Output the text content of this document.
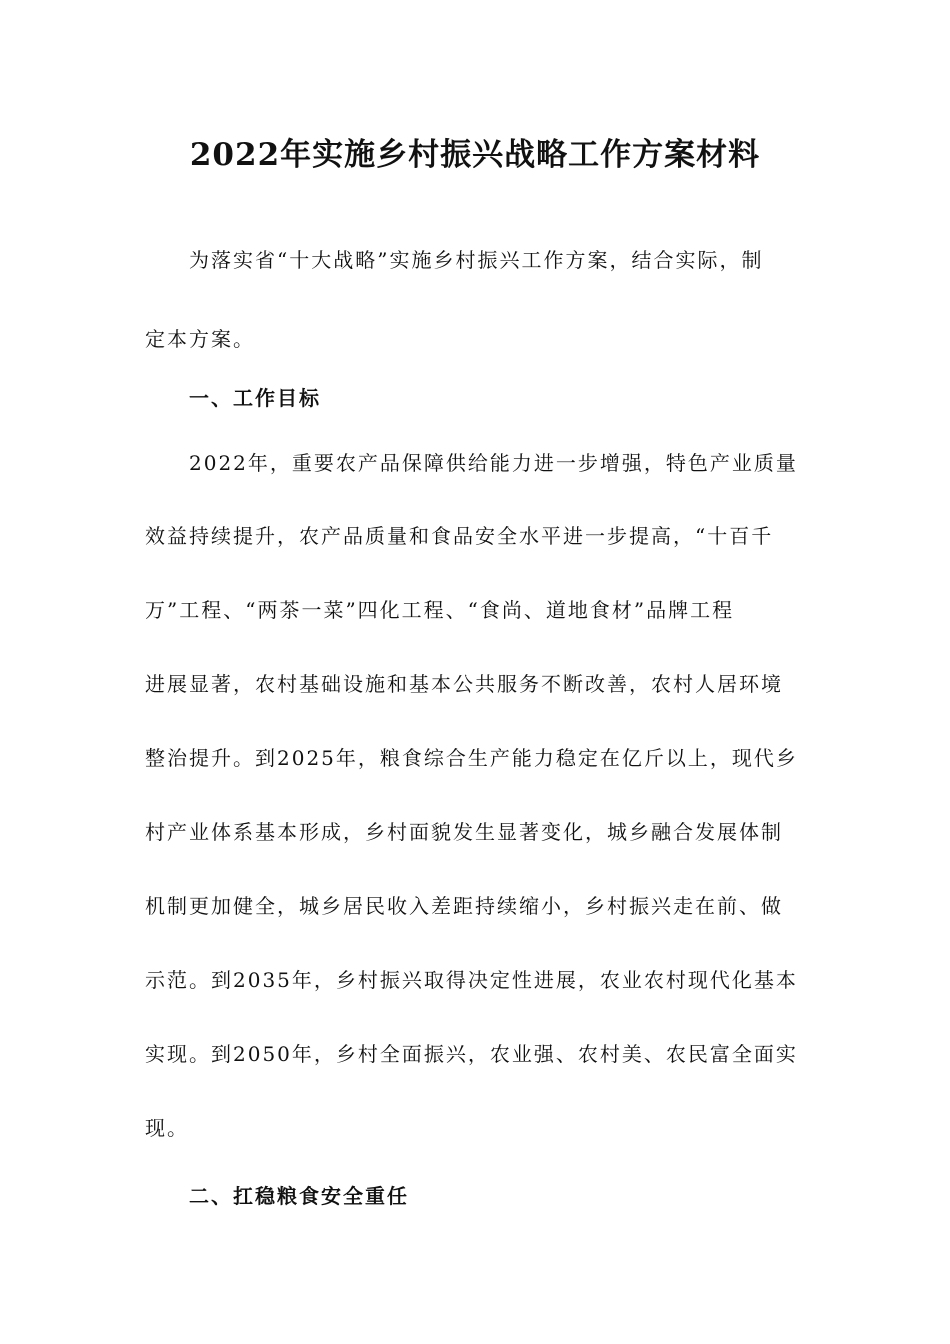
2022年实施乡村振兴战略工作方案材料
为落实省“十大战略”实施乡村振兴工作方案，结合实际，制
定本方案。
一、工作目标
2022年，重要农产品保障供给能力进一步增强，特色产业质量
效益持续提升，农产品质量和食品安全水平进一步提高，“十百千
万”工程、“两茶一菜”四化工程、“食尚、道地食材”品牌工程
进展显著，农村基础设施和基本公共服务不断改善，农村人居环境
整治提升。到2025年，粮食综合生产能力稳定在亿斤以上，现代乡
村产业体系基本形成，乡村面貌发生显著变化，城乡融合发展体制
机制更加健全，城乡居民收入差距持续缩小，乡村振兴走在前、做
示范。到2035年，乡村振兴取得决定性进展，农业农村现代化基本
实现。到2050年，乡村全面振兴，农业强、农村美、农民富全面实
现。
二、扛稳粮食安全重任
